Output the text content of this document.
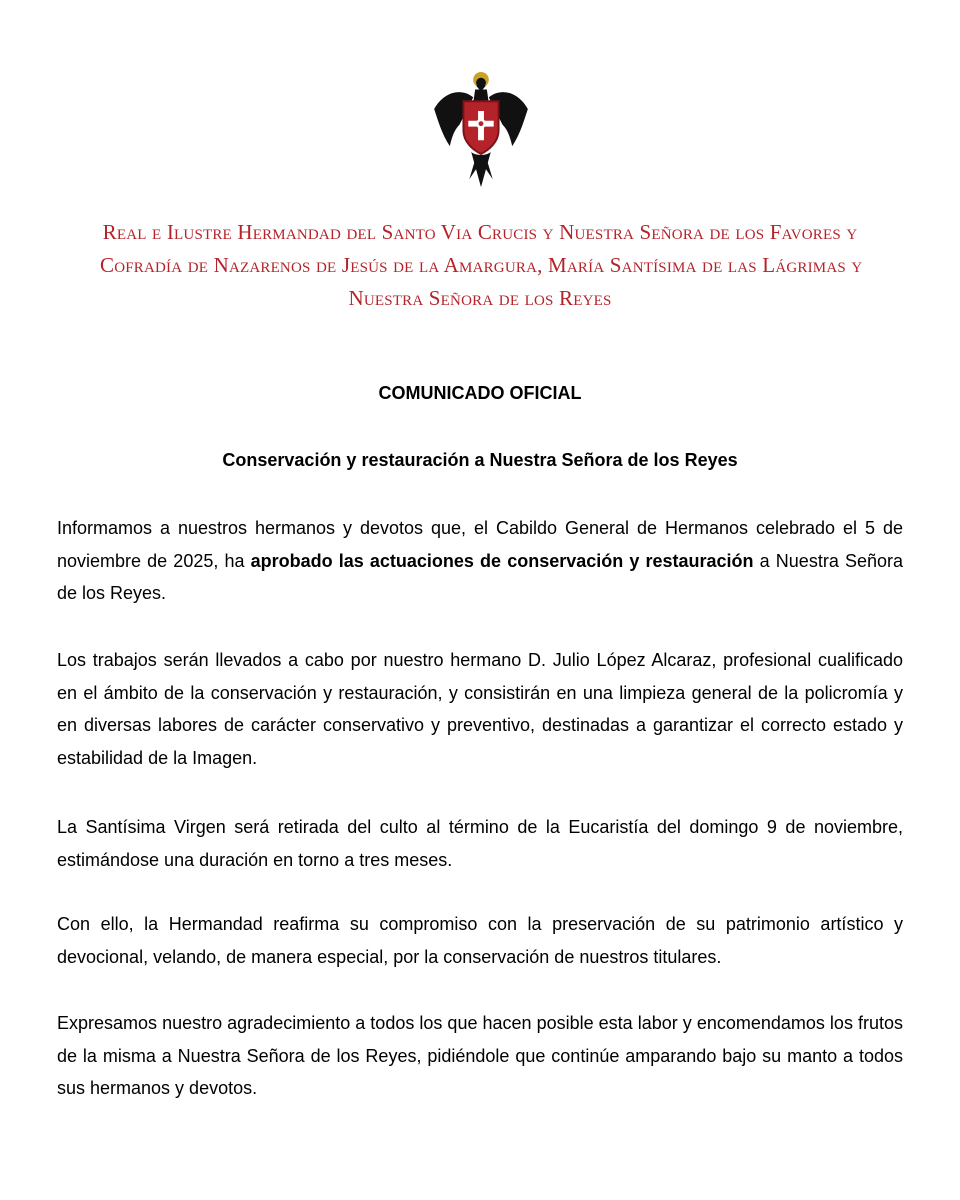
Real e Ilustre Hermandad del Santo Via Crucis y Nuestra Señora de los Favores y
Cofradía de Nazarenos de Jesús de la Amargura, María Santísima de las Lágrimas y
Nuestra Señora de los Reyes
COMUNICADO OFICIAL
Conservación y restauración a Nuestra Señora de los Reyes

Informamos a nuestros hermanos y devotos que, el Cabildo General de Hermanos celebrado el 5 de noviembre de 2025, ha aprobado las actuaciones de conservación y restauración a Nuestra Señora de los Reyes.

Los trabajos serán llevados a cabo por nuestro hermano D. Julio López Alcaraz, profesional cualificado en el ámbito de la conservación y restauración, y consistirán en una limpieza general de la policromía y en diversas labores de carácter conservativo y preventivo, destinadas a garantizar el correcto estado y estabilidad de la Imagen.

La Santísima Virgen será retirada del culto al término de la Eucaristía del domingo 9 de noviembre, estimándose una duración en torno a tres meses.

Con ello, la Hermandad reafirma su compromiso con la preservación de su patrimonio artístico y devocional, velando, de manera especial, por la conservación de nuestros titulares.

Expresamos nuestro agradecimiento a todos los que hacen posible esta labor y encomendamos los frutos de la misma a Nuestra Señora de los Reyes, pidiéndole que continúe amparando bajo su manto a todos sus hermanos y devotos.
